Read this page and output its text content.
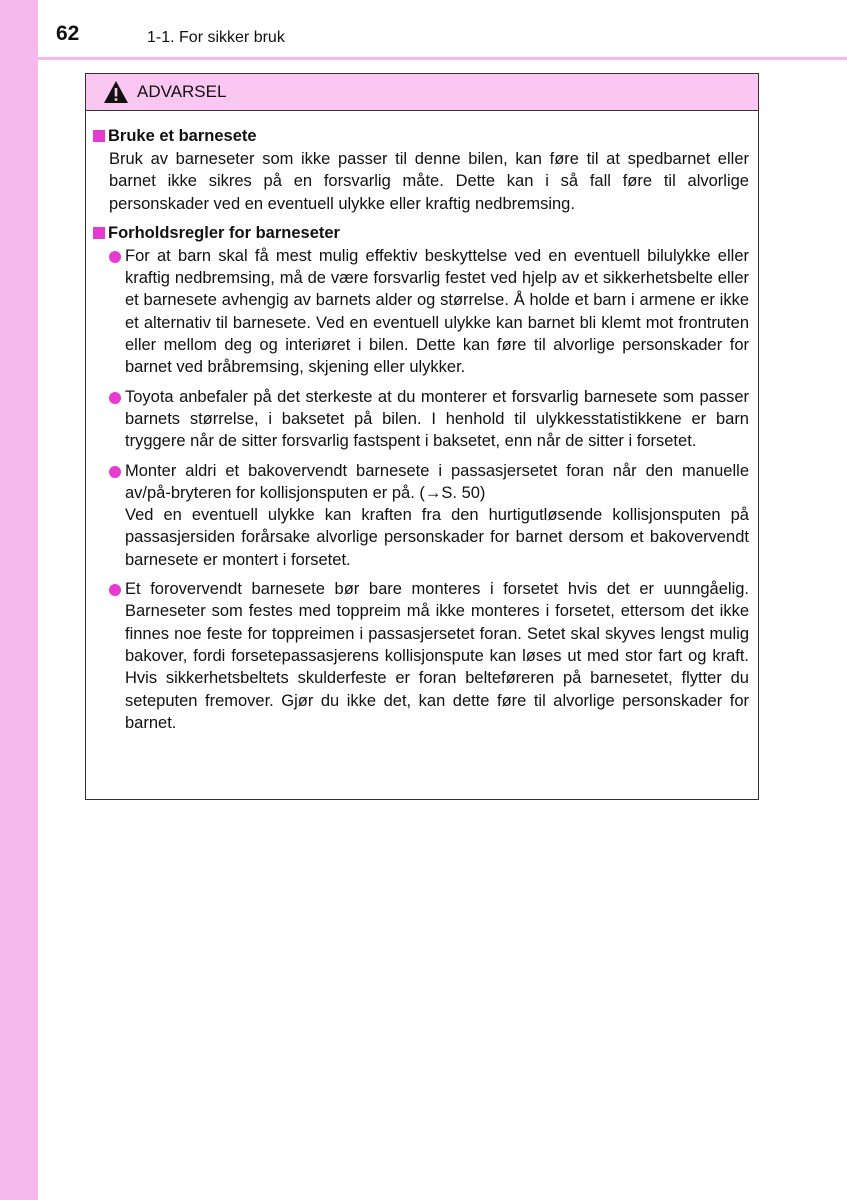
62	1-1. For sikker bruk
ADVARSEL
Bruke et barnesete

Bruk av barneseter som ikke passer til denne bilen, kan føre til at spedbarnet eller barnet ikke sikres på en forsvarlig måte. Dette kan i så fall føre til alvorlige personskader ved en eventuell ulykke eller kraftig nedbremsing.

Forholdsregler for barneseter

For at barn skal få mest mulig effektiv beskyttelse ved en eventuell bilulykke eller kraftig nedbremsing, må de være forsvarlig festet ved hjelp av et sikkerhetsbelte eller et barnesete avhengig av barnets alder og størrelse. Å holde et barn i armene er ikke et alternativ til barnesete. Ved en eventuell ulykke kan barnet bli klemt mot frontruten eller mellom deg og interiøret i bilen. Dette kan føre til alvorlige personskader for barnet ved bråbremsing, skjening eller ulykker.

Toyota anbefaler på det sterkeste at du monterer et forsvarlig barnesete som passer barnets størrelse, i baksetet på bilen. I henhold til ulykkesstatistikkene er barn tryggere når de sitter forsvarlig fastspent i baksetet, enn når de sitter i forsetet.

Monter aldri et bakovervendt barnesete i passasjersetet foran når den manuelle av/på-bryteren for kollisjonsputen er på. (→S. 50)

Ved en eventuell ulykke kan kraften fra den hurtigutløsende kollisjonsputen på passasjersiden forårsake alvorlige personskader for barnet dersom et bakovervendt barnesete er montert i forsetet.

Et forovervendt barnesete bør bare monteres i forsetet hvis det er uunngåelig. Barneseter som festes med toppreim må ikke monteres i forsetet, ettersom det ikke finnes noe feste for toppreimen i passasjersetet foran. Setet skal skyves lengst mulig bakover, fordi forsetepassasjerens kollisjonspute kan løses ut med stor fart og kraft. Hvis sikkerhetsbeltets skulderfeste er foran belteføreren på barnesetet, flytter du seteputen fremover. Gjør du ikke det, kan dette føre til alvorlige personskader for barnet.
